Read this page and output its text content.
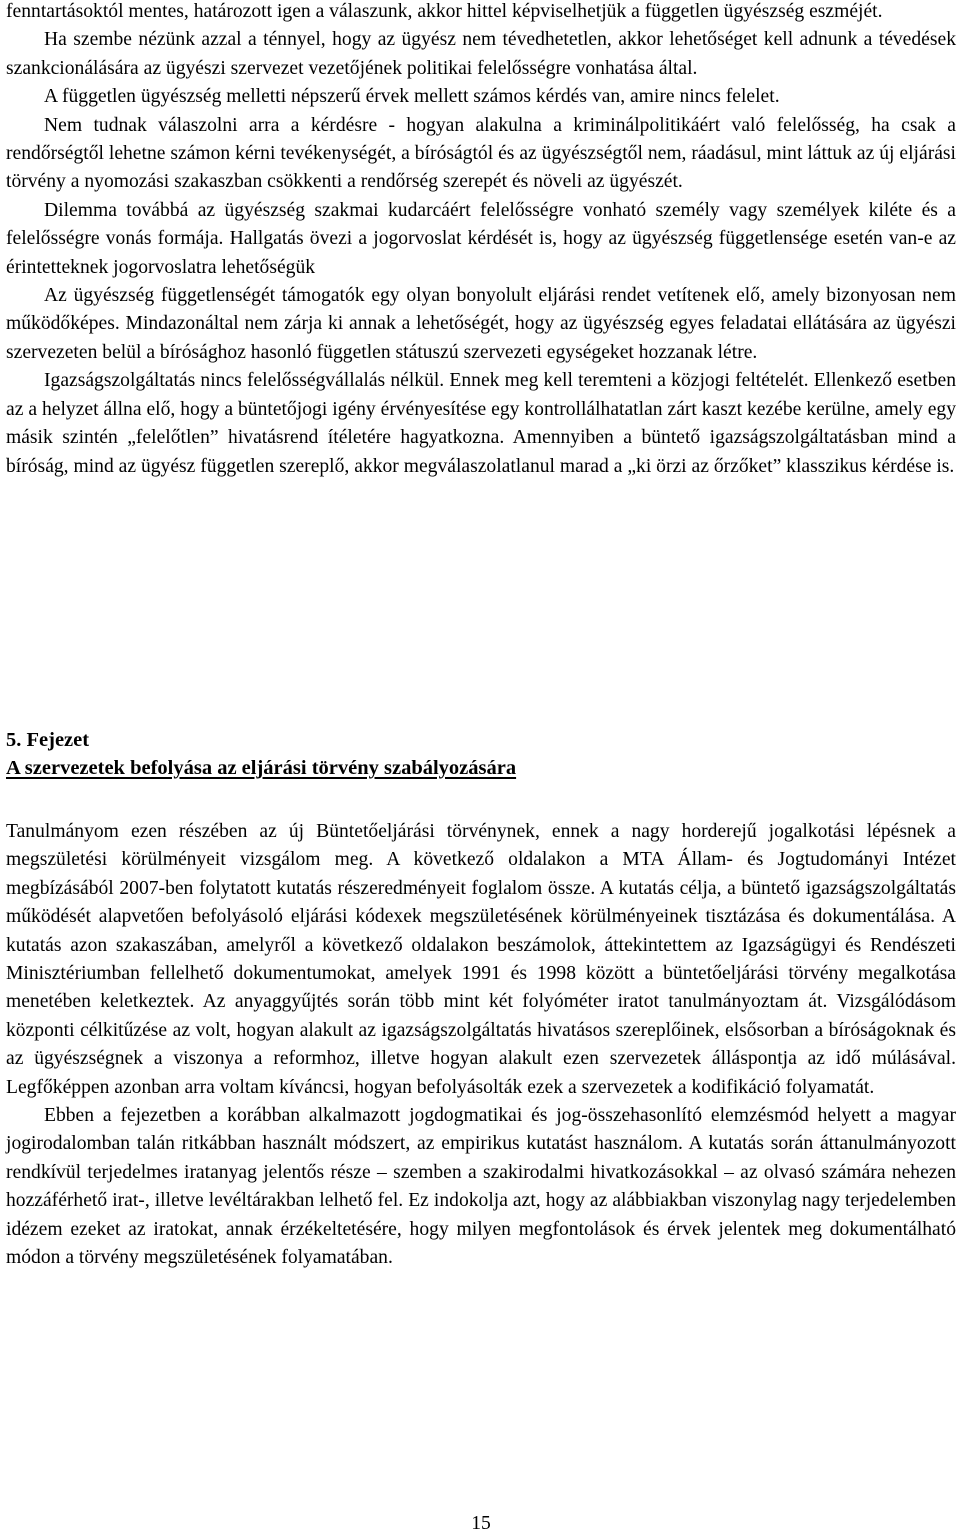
fenntartásoktól mentes, határozott igen a válaszunk, akkor hittel képviselhetjük a független ügyészség eszméjét.

Ha szembe nézünk azzal a ténnyel, hogy az ügyész nem tévedhetetlen, akkor lehetőséget kell adnunk a tévedések szankcionálására az ügyészi szervezet vezetőjének politikai felelősségre vonhatása által.

A független ügyészség melletti népszerű érvek mellett számos kérdés van, amire nincs felelet.

Nem tudnak válaszolni arra a kérdésre - hogyan alakulna a kriminálpolitikáért való felelősség, ha csak a rendőrségtől lehetne számon kérni tevékenységét, a bíróságtól és az ügyészségtől nem, ráadásul, mint láttuk az új eljárási törvény a nyomozási szakaszban csökkenti a rendőrség szerepét és növeli az ügyészét.

Dilemma továbbá az ügyészség szakmai kudarcáért felelősségre vonható személy vagy személyek kiléte és a felelősségre vonás formája. Hallgatás övezi a jogorvoslat kérdését is, hogy az ügyészség függetlensége esetén van-e az érintetteknek jogorvoslatra lehetőségük

Az ügyészség függetlenségét támogatók egy olyan bonyolult eljárási rendet vetítenek elő, amely bizonyosan nem működőképes. Mindazonáltal nem zárja ki annak a lehetőségét, hogy az ügyészség egyes feladatai ellátására az ügyészi szervezeten belül a bírósághoz hasonló független státuszú szervezeti egységeket hozzanak létre.

Igazságszolgáltatás nincs felelősségvállalás nélkül. Ennek meg kell teremteni a közjogi feltételét. Ellenkező esetben az a helyzet állna elő, hogy a büntetőjogi igény érvényesítése egy kontrollálhatatlan zárt kaszt kezébe kerülne, amely egy másik szintén „felelőtlen” hivatásrend ítéletére hagyatkozna. Amennyiben a büntető igazságszolgáltatásban mind a bíróság, mind az ügyész független szereplő, akkor megválaszolatlanul marad a „ki örzi az őrzőket” klasszikus kérdése is.

5. Fejezet
A szervezetek befolyása az eljárási törvény szabályozására

Tanulmányom ezen részében az új Büntetőeljárási törvénynek, ennek a nagy horderejű jogalkotási lépésnek a megszületési körülményeit vizsgálom meg. A következő oldalakon a MTA Állam- és Jogtudományi Intézet megbízásából 2007-ben folytatott kutatás részeredményeit foglalom össze. A kutatás célja, a büntető igazságszolgáltatás működését alapvetően befolyásoló eljárási kódexek megszületésének körülményeinek tisztázása és dokumentálása. A kutatás azon szakaszában, amelyről a következő oldalakon beszámolok, áttekintettem az Igazságügyi és Rendészeti Minisztériumban fellelhető dokumentumokat, amelyek 1991 és 1998 között a büntetőeljárási törvény megalkotása menetében keletkeztek. Az anyaggyűjtés során több mint két folyóméter iratot tanulmányoztam át. Vizsgálódásom központi célkitűzése az volt, hogyan alakult az igazságszolgáltatás hivatásos szereplőinek, elsősorban a bíróságoknak és az ügyészségnek a viszonya a reformhoz, illetve hogyan alakult ezen szervezetek álláspontja az idő múlásával. Legfőképpen azonban arra voltam kíváncsi, hogyan befolyásolták ezek a szervezetek a kodifikáció folyamatát.

Ebben a fejezetben a korábban alkalmazott jogdogmatikai és jog-összehasonlító elemzésmód helyett a magyar jogirodalomban talán ritkábban használt módszert, az empirikus kutatást használom. A kutatás során áttanulmányozott rendkívül terjedelmes iratanyag jelentős része – szemben a szakirodalmi hivatkozásokkal – az olvasó számára nehezen hozzáférhető irat-, illetve levéltárakban lelhető fel. Ez indokolja azt, hogy az alábbiakban viszonylag nagy terjedelemben idézem ezeket az iratokat, annak érzékeltetésére, hogy milyen megfontolások és érvek jelentek meg dokumentálható módon a törvény megszületésének folyamatában.

15
